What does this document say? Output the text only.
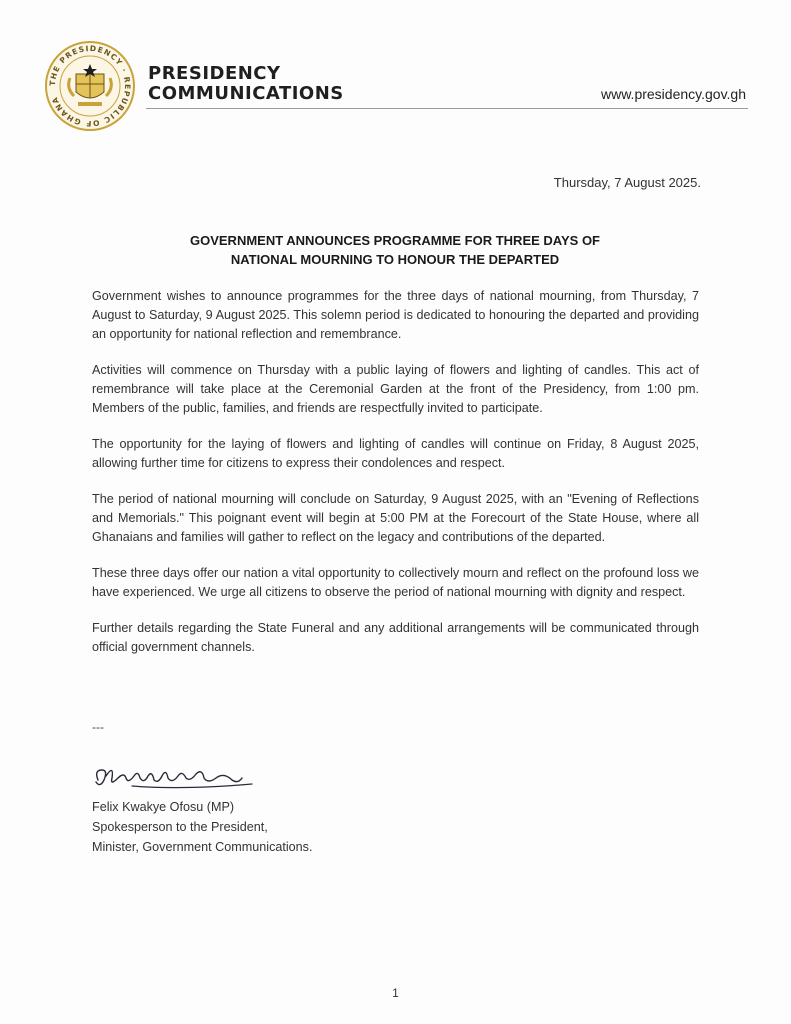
THE PRESIDENCY · REPUBLIC OF GHANA
PRESIDENCY
COMMUNICATIONS	www.presidency.gov.gh
Thursday, 7 August 2025.
GOVERNMENT ANNOUNCES PROGRAMME FOR THREE DAYS OF
NATIONAL MOURNING TO HONOUR THE DEPARTED

Government wishes to announce programmes for the three days of national mourning, from Thursday, 7 August to Saturday, 9 August 2025. This solemn period is dedicated to honouring the departed and providing an opportunity for national reflection and remembrance.

Activities will commence on Thursday with a public laying of flowers and lighting of candles. This act of remembrance will take place at the Ceremonial Garden at the front of the Presidency, from 1:00 pm. Members of the public, families, and friends are respectfully invited to participate.

The opportunity for the laying of flowers and lighting of candles will continue on Friday, 8 August 2025, allowing further time for citizens to express their condolences and respect.

The period of national mourning will conclude on Saturday, 9 August 2025, with an "Evening of Reflections and Memorials." This poignant event will begin at 5:00 PM at the Forecourt of the State House, where all Ghanaians and families will gather to reflect on the legacy and contributions of the departed.

These three days offer our nation a vital opportunity to collectively mourn and reflect on the profound loss we have experienced. We urge all citizens to observe the period of national mourning with dignity and respect.

Further details regarding the State Funeral and any additional arrangements will be communicated through official government channels.

---
Felix Kwakye Ofosu (MP)
Spokesperson to the President,
Minister, Government Communications.
1
